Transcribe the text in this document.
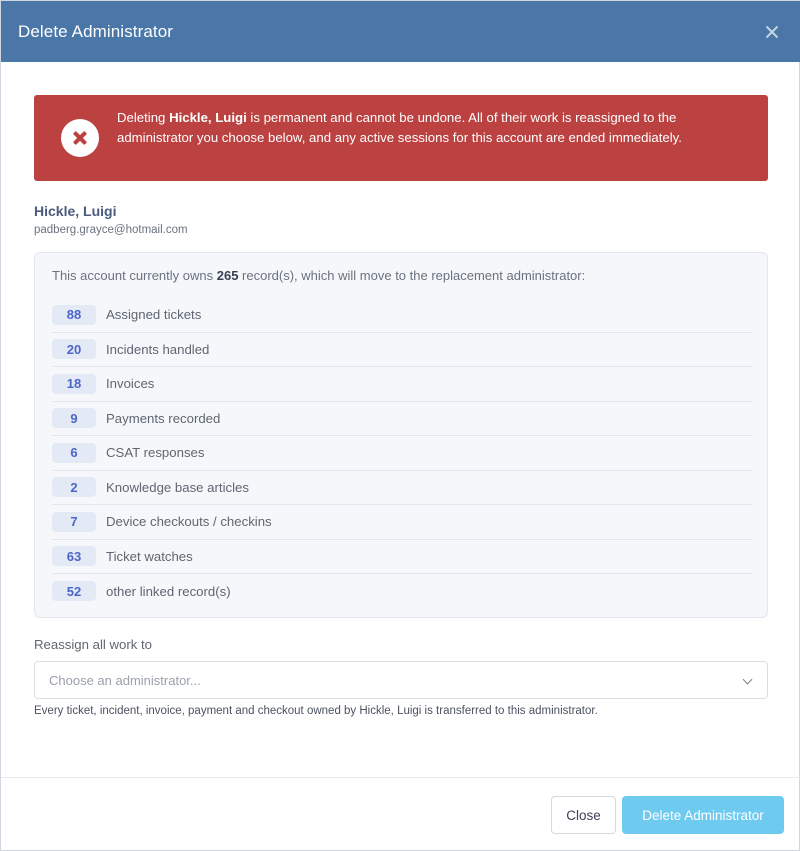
Delete Administrator
Deleting Hickle, Luigi is permanent and cannot be undone. All of their work is reassigned to the administrator you choose below, and any active sessions for this account are ended immediately.
Hickle, Luigi
padberg.grayce@hotmail.com
This account currently owns 265 record(s), which will move to the replacement administrator:
88	Assigned tickets
20	Incidents handled
18	Invoices
9	Payments recorded
6	CSAT responses
2	Knowledge base articles
7	Device checkouts / checkins
63	Ticket watches
52	other linked record(s)
Reassign all work to
Choose an administrator...
Every ticket, incident, invoice, payment and checkout owned by Hickle, Luigi is transferred to this administrator.
Close	Delete Administrator
